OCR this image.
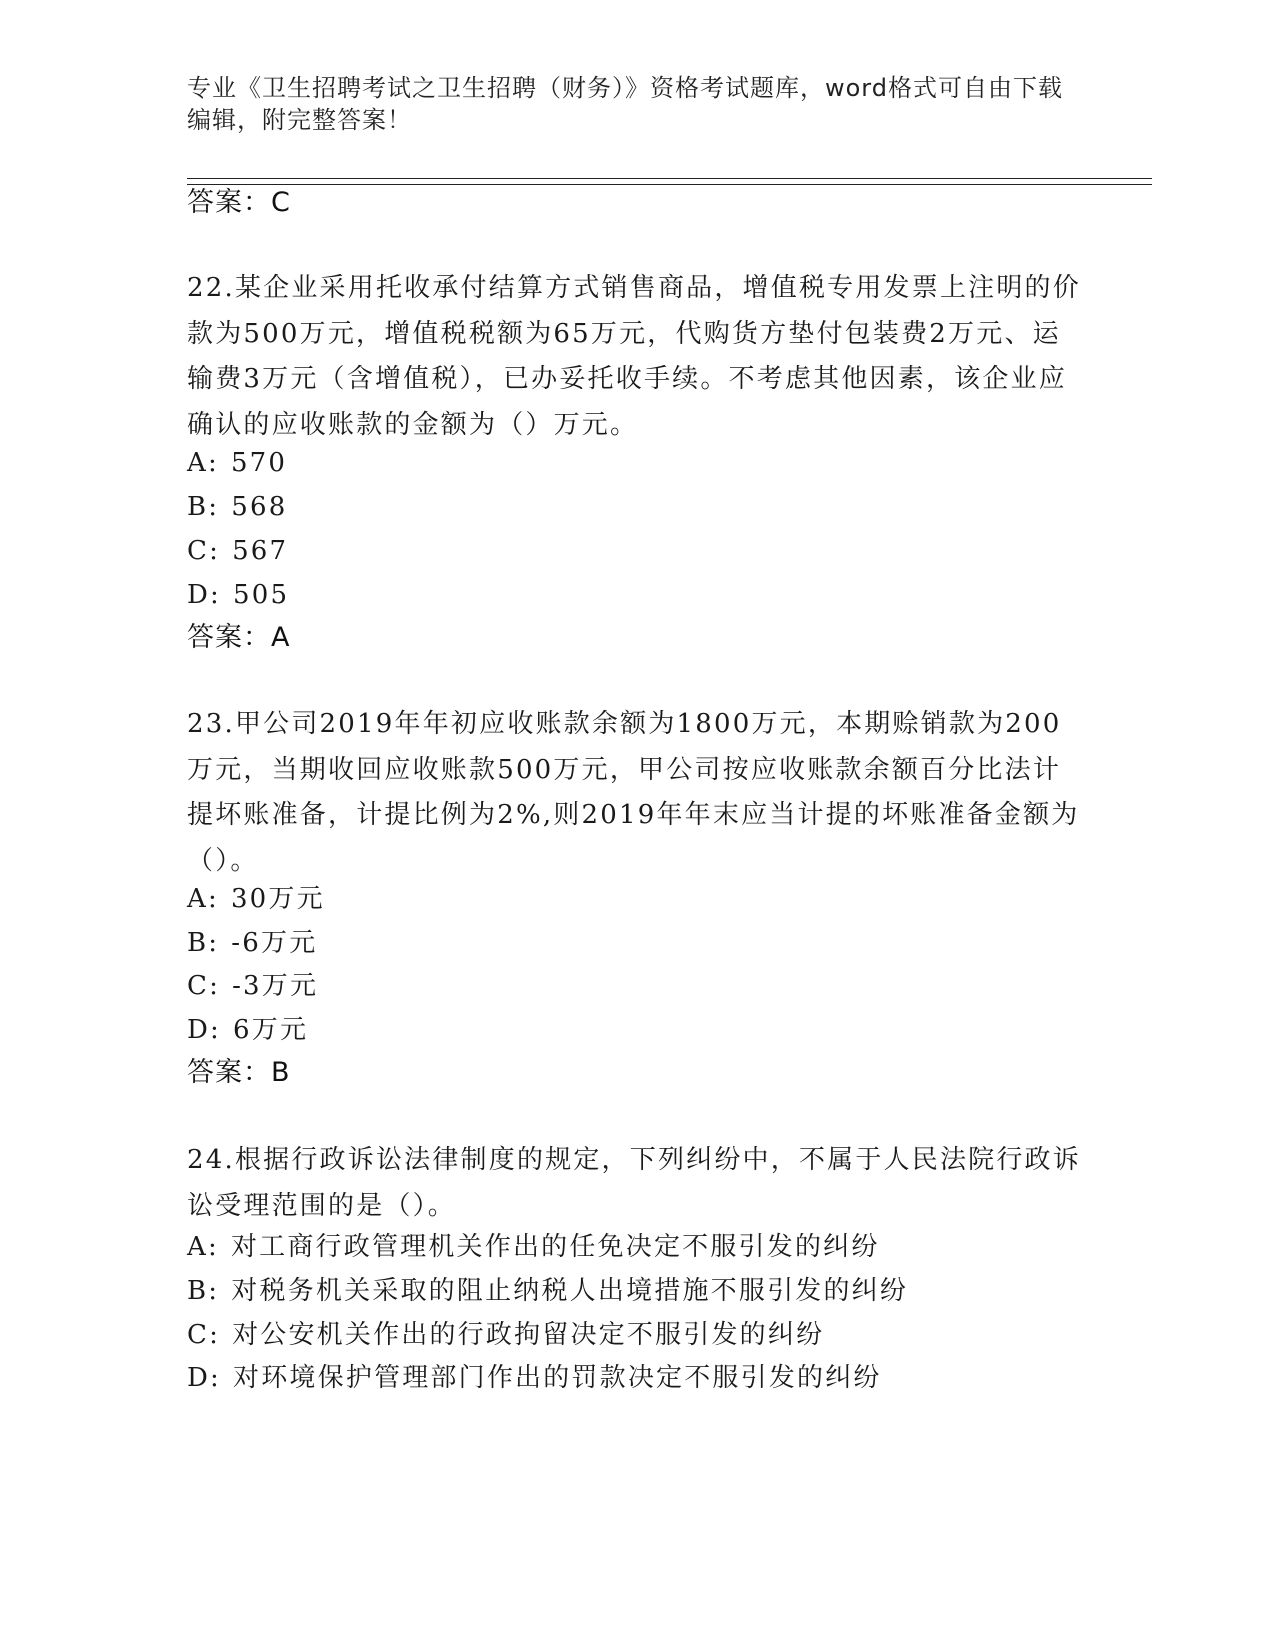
专业《卫生招聘考试之卫生招聘（财务）》资格考试题库，word格式可自由下载编辑，附完整答案！
答案：C
22.某企业采用托收承付结算方式销售商品，增值税专用发票上注明的价款为500万元，增值税税额为65万元，代购货方垫付包装费2万元、运输费3万元（含增值税），已办妥托收手续。不考虑其他因素，该企业应确认的应收账款的金额为（）万元。
A: 570
B: 568
C: 567
D: 505
答案：A
23.甲公司2019年年初应收账款余额为1800万元，本期赊销款为200万元，当期收回应收账款500万元，甲公司按应收账款余额百分比法计提坏账准备，计提比例为2%,则2019年年末应当计提的坏账准备金额为（）。
A: 30万元
B: -6万元
C: -3万元
D: 6万元
答案：B
24.根据行政诉讼法律制度的规定，下列纠纷中，不属于人民法院行政诉讼受理范围的是（）。
A: 对工商行政管理机关作出的任免决定不服引发的纠纷
B: 对税务机关采取的阻止纳税人出境措施不服引发的纠纷
C: 对公安机关作出的行政拘留决定不服引发的纠纷
D: 对环境保护管理部门作出的罚款决定不服引发的纠纷
